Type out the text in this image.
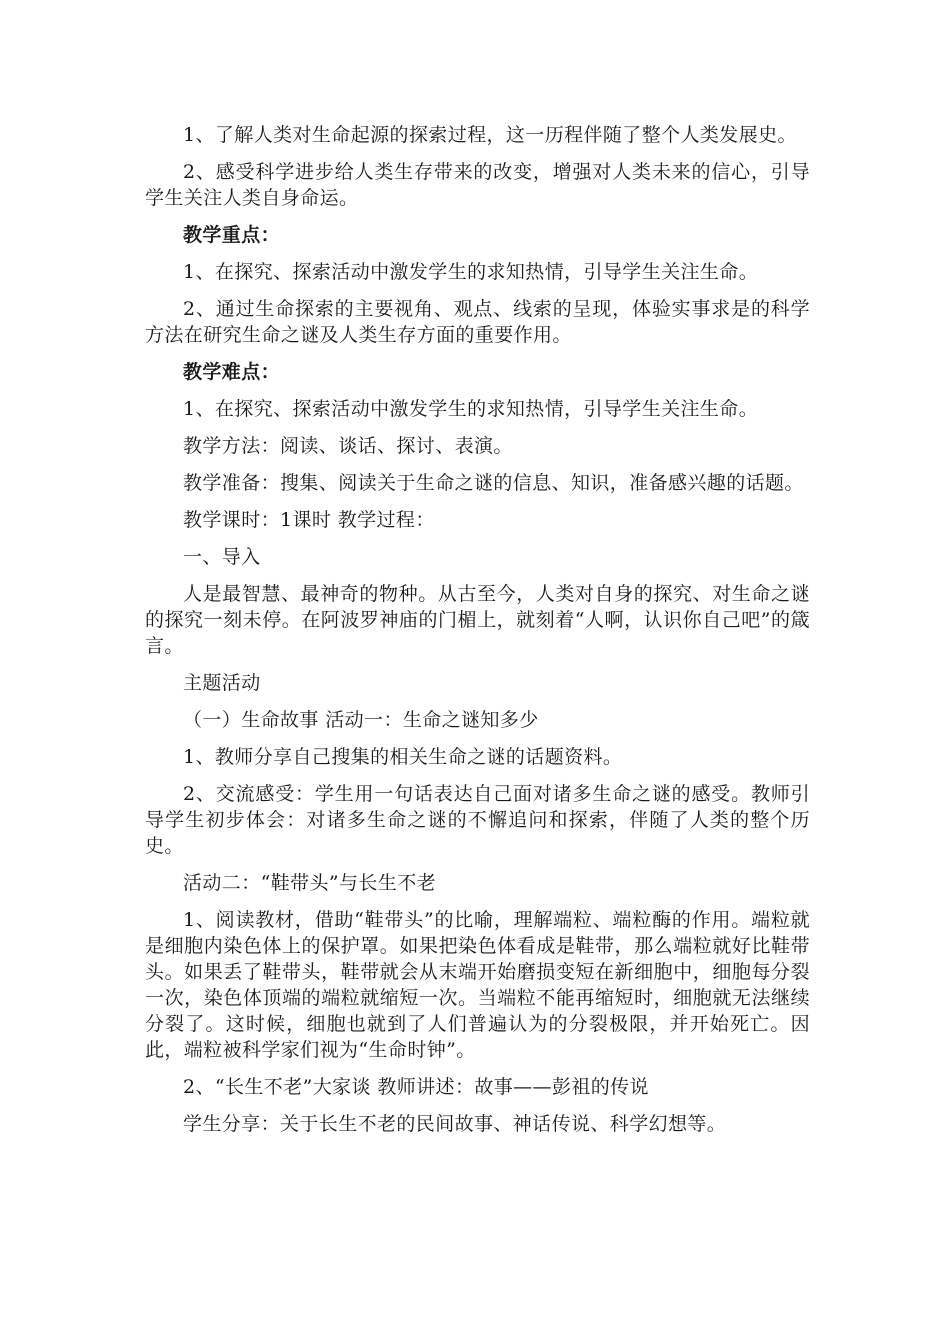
1、了解人类对生命起源的探索过程，这一历程伴随了整个人类发展史。

2、感受科学进步给人类生存带来的改变，增强对人类未来的信心，引导学生关注人类自身命运。

教学重点：

1、在探究、探索活动中激发学生的求知热情，引导学生关注生命。

2、通过生命探索的主要视角、观点、线索的呈现，体验实事求是的科学方法在研究生命之谜及人类生存方面的重要作用。

教学难点：

1、在探究、探索活动中激发学生的求知热情，引导学生关注生命。

教学方法：阅读、谈话、探讨、表演。

教学准备：搜集、阅读关于生命之谜的信息、知识，准备感兴趣的话题。

教学课时：1课时 教学过程：

一、导入

人是最智慧、最神奇的物种。从古至今，人类对自身的探究、对生命之谜的探究一刻未停。在阿波罗神庙的门楣上，就刻着“人啊，认识你自己吧”的箴言。

主题活动

（一）生命故事 活动一：生命之谜知多少

1、教师分享自己搜集的相关生命之谜的话题资料。

2、交流感受：学生用一句话表达自己面对诸多生命之谜的感受。教师引导学生初步体会：对诸多生命之谜的不懈追问和探索，伴随了人类的整个历史。

活动二：“鞋带头”与长生不老

1、阅读教材，借助“鞋带头”的比喻，理解端粒、端粒酶的作用。端粒就是细胞内染色体上的保护罩。如果把染色体看成是鞋带，那么端粒就好比鞋带头。如果丢了鞋带头，鞋带就会从末端开始磨损变短在新细胞中，细胞每分裂一次，染色体顶端的端粒就缩短一次。当端粒不能再缩短时，细胞就无法继续分裂了。这时候，细胞也就到了人们普遍认为的分裂极限，并开始死亡。因此，端粒被科学家们视为“生命时钟”。

2、“长生不老”大家谈 教师讲述：故事——彭祖的传说

学生分享：关于长生不老的民间故事、神话传说、科学幻想等。
